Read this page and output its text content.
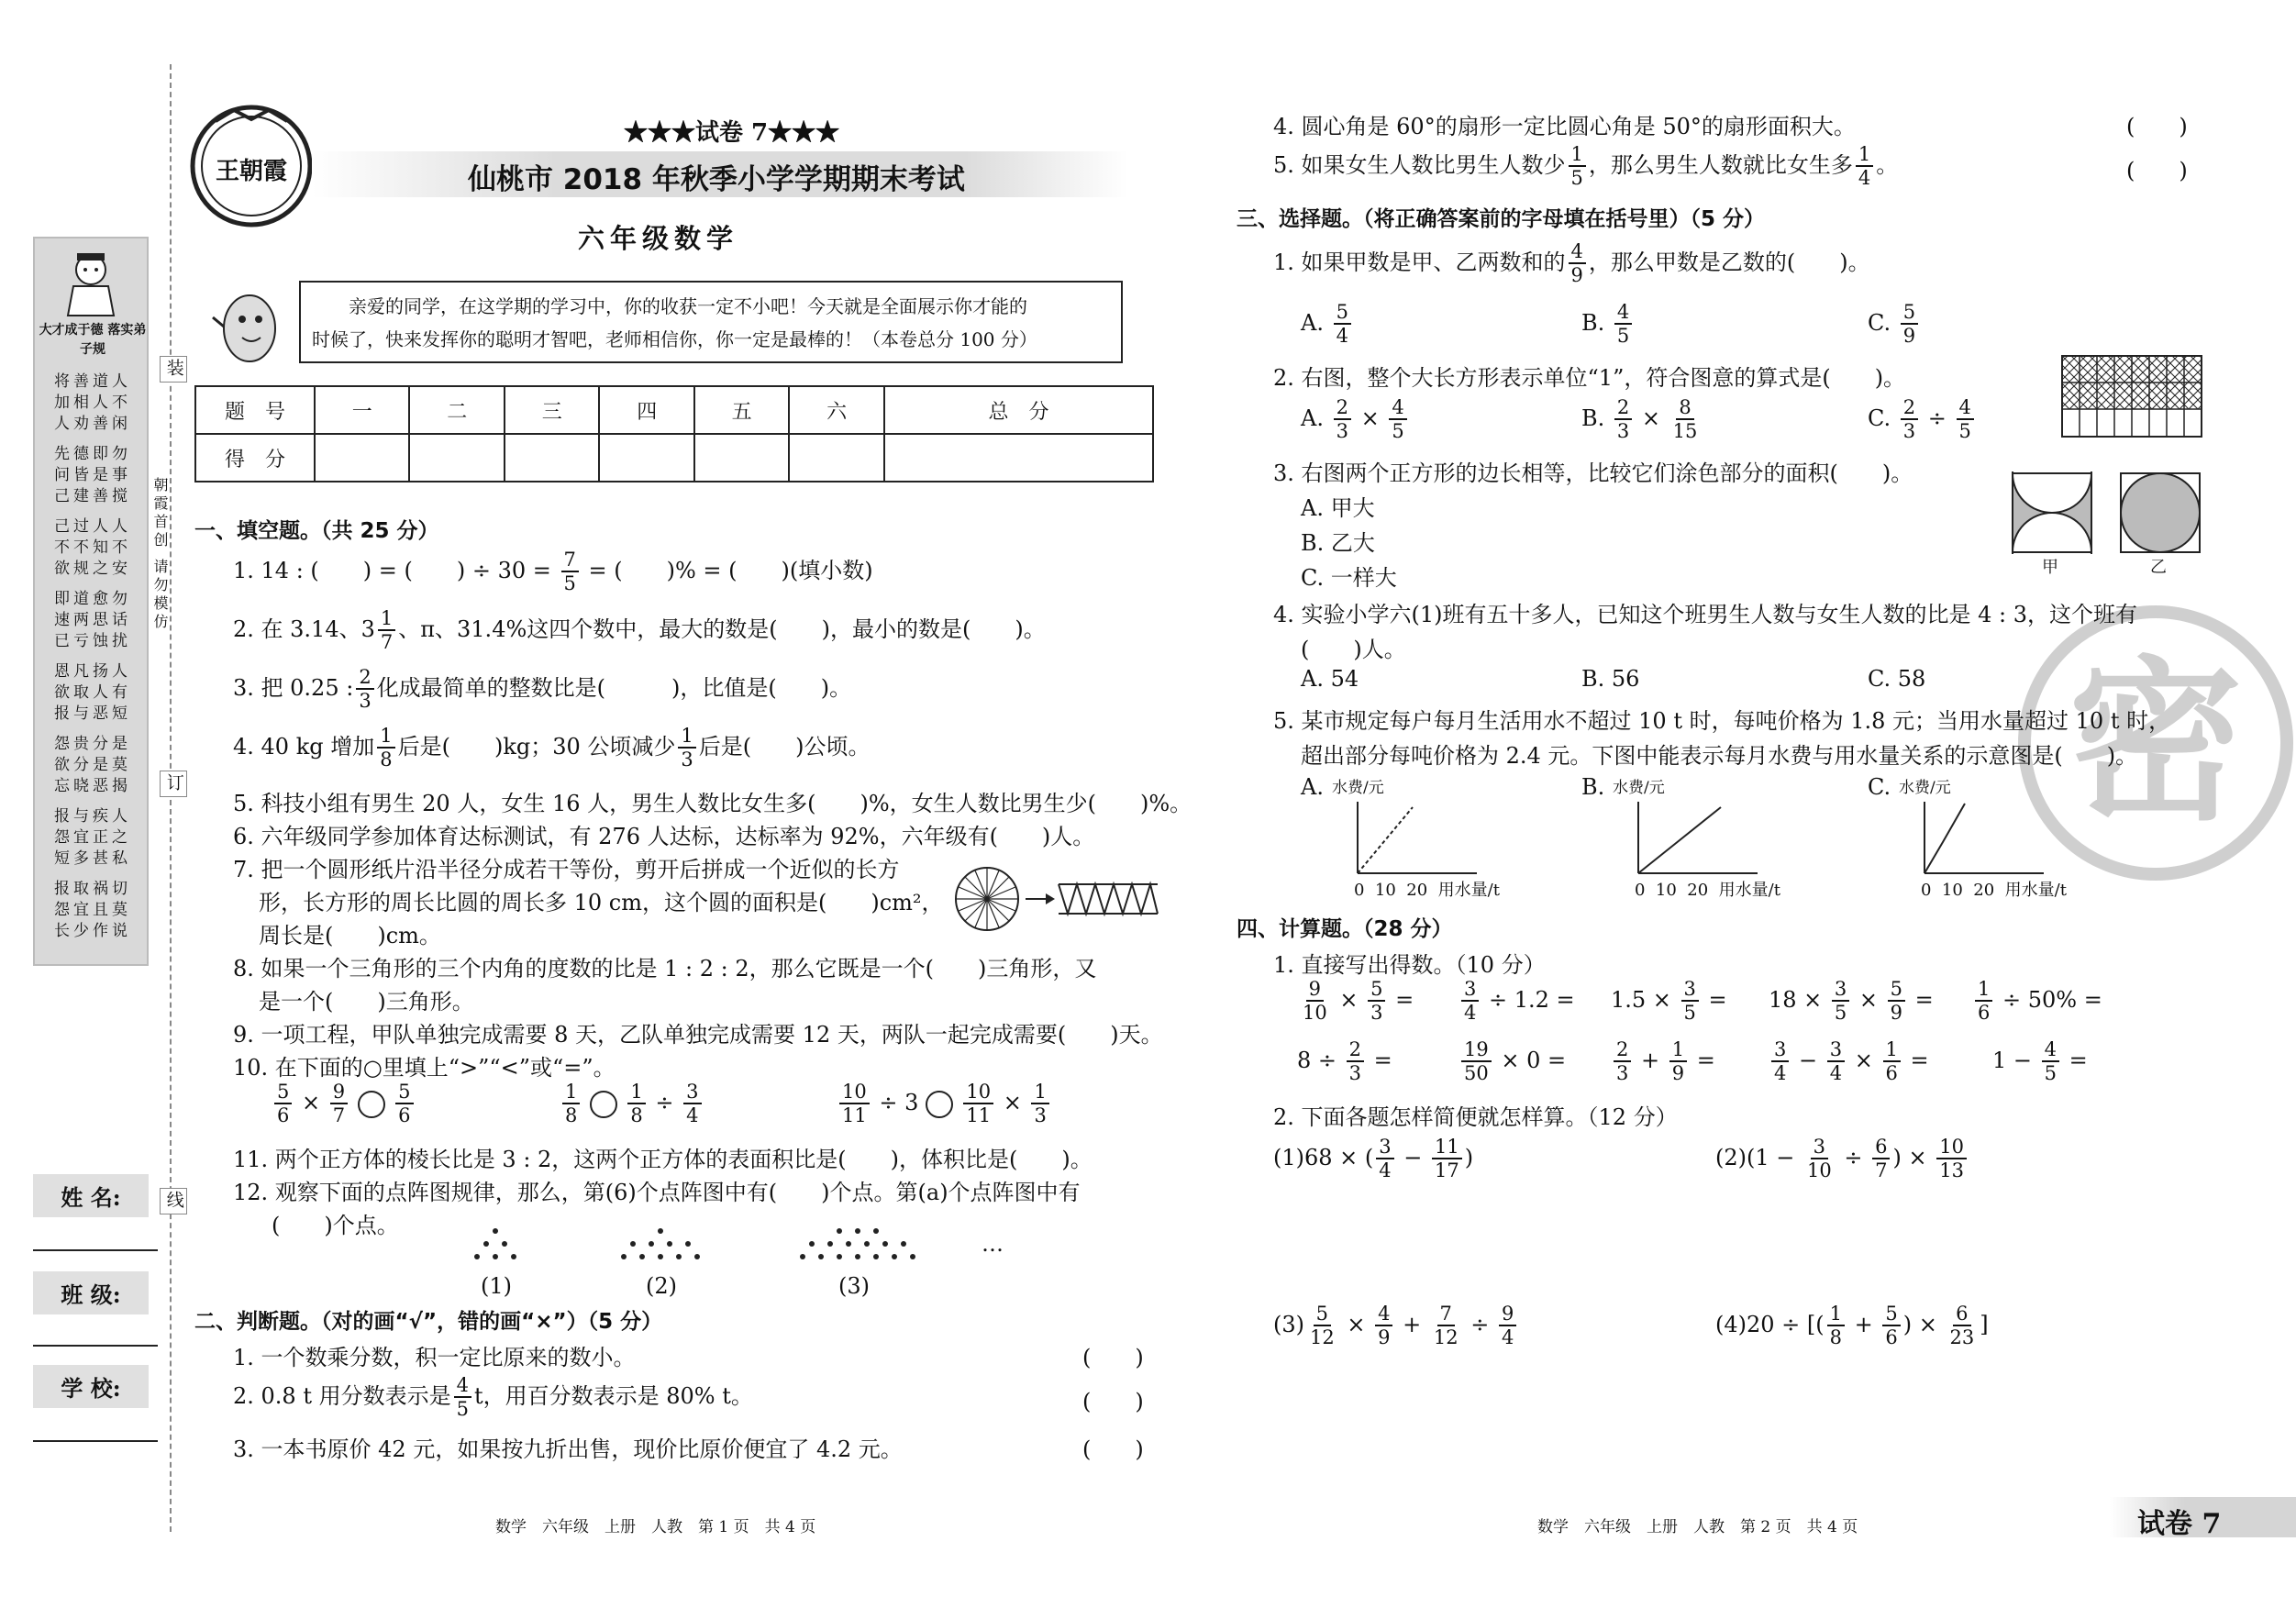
装
订
线
朝霞首创 请勿模仿
大才成于德 落实弟子规
将善道人
加相人不
人劝善闲
先德即勿
问皆是事
己建善搅
己过人人
不不知不
欲规之安
即道愈勿
速两思话
已亏蚀扰
恩凡扬人
欲取人有
报与恶短
怨贵分是
欲分是莫
忘晓恶揭
报与疾人
怨宜正之
短多甚私
报取祸切
怨宜且莫
长少作说
姓 名:
班 级:
学 校:
王朝霞
★★★试卷 7★★★
仙桃市 2018 年秋季小学学期期末考试
六年级数学
亲爱的同学，在这学期的学习中，你的收获一定不小吧！今天就是全面展示你才能的
时候了，快来发挥你的聪明才智吧，老师相信你，你一定是最棒的！（本卷总分 100 分）
题　号	一	二	三	四	五	六	总　分
得　分							
一、填空题。（共 25 分）
1. 14 : (　　) = (　　) ÷ $30 = \frac{7}{5}$ = (　　)% = (　　)(填小数)
2. 在 3.14、$3 \frac{1}{7}$ 、π、31.4%这四个数中，最大的数是(　　)，最小的数是(　　)。
3. 把 0.25 : $\frac{2}{3}$ 化成最简单的整数比是(　　　)，比值是(　　)。
4. 40 kg 增加 $\frac{1}{8}$ 后是(　　)kg；30 公顷减少 $\frac{1}{3}$ 后是(　　)公顷。
5. 科技小组有男生 20 人，女生 16 人，男生人数比女生多(　　)%，女生人数比男生少(　　)%。
6. 六年级同学参加体育达标测试，有 276 人达标，达标率为 92%，六年级有(　　)人。
7. 把一个圆形纸片沿半径分成若干等份，剪开后拼成一个近似的长方
形，长方形的周长比圆的周长多 10 cm，这个圆的面积是(　　)cm²，
周长是(　　)cm。
8. 如果一个三角形的三个内角的度数的比是 1 : 2 : 2，那么它既是一个(　　)三角形，又
是一个(　　)三角形。
9. 一项工程，甲队单独完成需要 8 天，乙队单独完成需要 12 天，两队一起完成需要(　　)天。
10. 在下面的○里填上“>”“<”或“=”。
$\frac{5}{6} \times \frac{9}{7} \frac{5}{6}$	$\frac{1}{8} \frac{1}{8} \div \frac{3}{4}$	$\frac{10}{11} \div 3 \frac{10}{11} \times \frac{1}{3}$
11. 两个正方体的棱长比是 3 : 2，这两个正方体的表面积比是(　　)，体积比是(　　)。
12. 观察下面的点阵图规律，那么，第(6)个点阵图中有(　　)个点。第(a)个点阵图中有
(　　)个点。
(1)	(2)	(3)
…
二、判断题。（对的画“√”，错的画“×”）（5 分）
1. 一个数乘分数，积一定比原来的数小。	(　　)
2. 0.8 t 用分数表示是 $\frac{4}{5}$ t，用百分数表示是 80% t。	(　　)
3. 一本书原价 42 元，如果按九折出售，现价比原价便宜了 4.2 元。	(　　)
数学　六年级　上册　人教　第 1 页　共 4 页
密
4. 圆心角是 60°的扇形一定比圆心角是 50°的扇形面积大。	(　　)
5. 如果女生人数比男生人数少 $\frac{1}{5}$ ，那么男生人数就比女生多 $\frac{1}{4}$ 。	(　　)
三、选择题。（将正确答案前的字母填在括号里）（5 分）
1. 如果甲数是甲、乙两数和的 $\frac{4}{9}$ ，那么甲数是乙数的(　　)。
A. $\frac{5}{4}$	B. $\frac{4}{5}$	C. $\frac{5}{9}$
2. 右图，整个大长方形表示单位“1”，符合图意的算式是(　　)。
A. $\frac{2}{3} \times \frac{4}{5}$	B. $\frac{2}{3} \times \frac{8}{15}$	C. $\frac{2}{3} \div \frac{4}{5}$
3. 右图两个正方形的边长相等，比较它们涂色部分的面积(　　)。
A. 甲大
B. 乙大
C. 一样大	甲	乙
4. 实验小学六(1)班有五十多人，已知这个班男生人数与女生人数的比是 4 : 3，这个班有
(　　)人。
A. 54	B. 56	C. 58
5. 某市规定每户每月生活用水不超过 10 t 时，每吨价格为 1.8 元；当用水量超过 10 t 时，
超出部分每吨价格为 2.4 元。下图中能表示每月水费与用水量关系的示意图是(　　)。
A. 水费/元
0 10 20 用水量/t
B. 水费/元
0 10 20 用水量/t
C. 水费/元
0 10 20 用水量/t
四、计算题。（28 分）
1. 直接写出得数。（10 分）
$\frac{9}{10} \times \frac{5}{3} = \frac{3}{4} \div 1.2 = 1.5 \times \frac{3}{5} = 18 \times \frac{3}{5} \times \frac{5}{9} = \frac{1}{6} \div 50\%$ =
$8 \div \frac{2}{3}$ =	$\frac{19}{50} \times 0 = \frac{2}{3} + \frac{1}{9}$ =	$\frac{3}{4} - \frac{3}{4} \times \frac{1}{6}$ =	$1 - \frac{4}{5}$ =
2. 下面各题怎样简便就怎样算。（12 分）
(1)68 × ( $\frac{3}{4} - \frac{11}{17}$ )	$(2)(1 - \frac{3}{10} \div \frac{6}{7}$ ) × $\frac{10}{13}$
$(3) \frac{5}{12} \times \frac{4}{9} + \frac{7}{12} \div \frac{9}{4}$	(4)20 ÷ [( $\frac{1}{8} + \frac{5}{6}$ ) × $\frac{6}{23}$ ]
数学　六年级　上册　人教　第 2 页　共 4 页	试卷 7
